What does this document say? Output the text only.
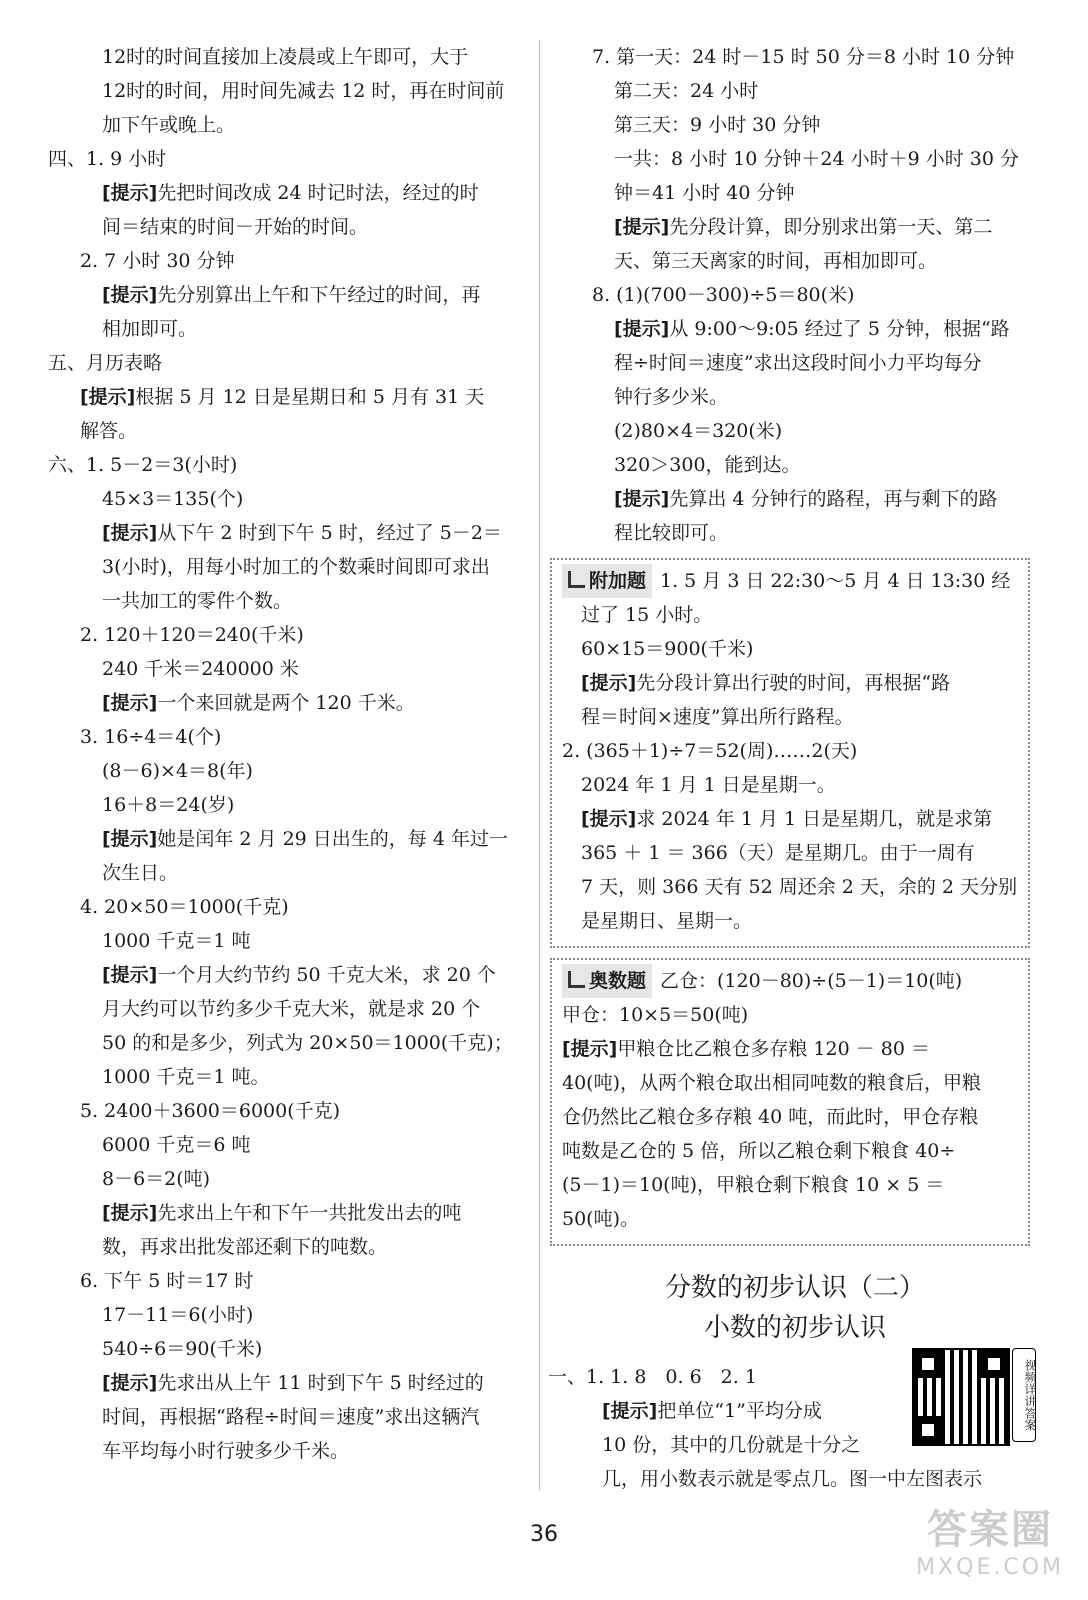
12时的时间直接加上凌晨或上午即可，大于
12时的时间，用时间先减去 12 时，再在时间前
加下午或晚上。
四、1. 9 小时
[提示]先把时间改成 24 时记时法，经过的时
间＝结束的时间－开始的时间。
2. 7 小时 30 分钟
[提示]先分别算出上午和下午经过的时间，再
相加即可。
五、月历表略
[提示]根据 5 月 12 日是星期日和 5 月有 31 天
解答。
六、1. 5－2＝3(小时)
45×3＝135(个)
[提示]从下午 2 时到下午 5 时，经过了 5－2＝
3(小时)，用每小时加工的个数乘时间即可求出
一共加工的零件个数。
2. 120＋120＝240(千米)
240 千米＝240000 米
[提示]一个来回就是两个 120 千米。
3. 16÷4＝4(个)
(8－6)×4＝8(年)
16＋8＝24(岁)
[提示]她是闰年 2 月 29 日出生的，每 4 年过一
次生日。
4. 20×50＝1000(千克)
1000 千克＝1 吨
[提示]一个月大约节约 50 千克大米，求 20 个
月大约可以节约多少千克大米，就是求 20 个
50 的和是多少，列式为 20×50＝1000(千克)；
1000 千克＝1 吨。
5. 2400＋3600＝6000(千克)
6000 千克＝6 吨
8－6＝2(吨)
[提示]先求出上午和下午一共批发出去的吨
数，再求出批发部还剩下的吨数。
6. 下午 5 时＝17 时
17－11＝6(小时)
540÷6＝90(千米)
[提示]先求出从上午 11 时到下午 5 时经过的
时间，再根据“路程÷时间＝速度”求出这辆汽
车平均每小时行驶多少千米。
7. 第一天：24 时－15 时 50 分＝8 小时 10 分钟
第二天：24 小时
第三天：9 小时 30 分钟
一共：8 小时 10 分钟＋24 小时＋9 小时 30 分
钟＝41 小时 40 分钟
[提示]先分段计算，即分别求出第一天、第二
天、第三天离家的时间，再相加即可。
8. (1)(700－300)÷5＝80(米)
[提示]从 9:00～9:05 经过了 5 分钟，根据“路
程÷时间＝速度”求出这段时间小力平均每分
钟行多少米。
(2)80×4＝320(米)
320＞300，能到达。
[提示]先算出 4 分钟行的路程，再与剩下的路
程比较即可。
附加题 1. 5 月 3 日 22:30～5 月 4 日 13:30 经
　过了 15 小时。
　60×15＝900(千米)
　[提示]先分段计算出行驶的时间，再根据“路
　程＝时间×速度”算出所行路程。
2. (365＋1)÷7＝52(周)……2(天)
　2024 年 1 月 1 日是星期一。
　[提示]求 2024 年 1 月 1 日是星期几，就是求第
　365 ＋ 1 ＝ 366（天）是星期几。由于一周有
　7 天，则 366 天有 52 周还余 2 天，余的 2 天分别
　是星期日、星期一。
奥数题 乙仓：(120－80)÷(5－1)＝10(吨)
甲仓：10×5＝50(吨)
[提示]甲粮仓比乙粮仓多存粮 120 － 80 ＝
40(吨)，从两个粮仓取出相同吨数的粮食后，甲粮
仓仍然比乙粮仓多存粮 40 吨，而此时，甲仓存粮
吨数是乙仓的 5 倍，所以乙粮仓剩下粮食 40÷
(5－1)＝10(吨)，甲粮仓剩下粮食 10 × 5 ＝
50(吨)。
分数的初步认识（二）
小数的初步认识
一、1. 1. 8　0. 6　2. 1
[提示]把单位“1”平均分成
10 份，其中的几份就是十分之
几，用小数表示就是零点几。图一中左图表示
视频详讲答案
36	答案圈
MXQE.COM
